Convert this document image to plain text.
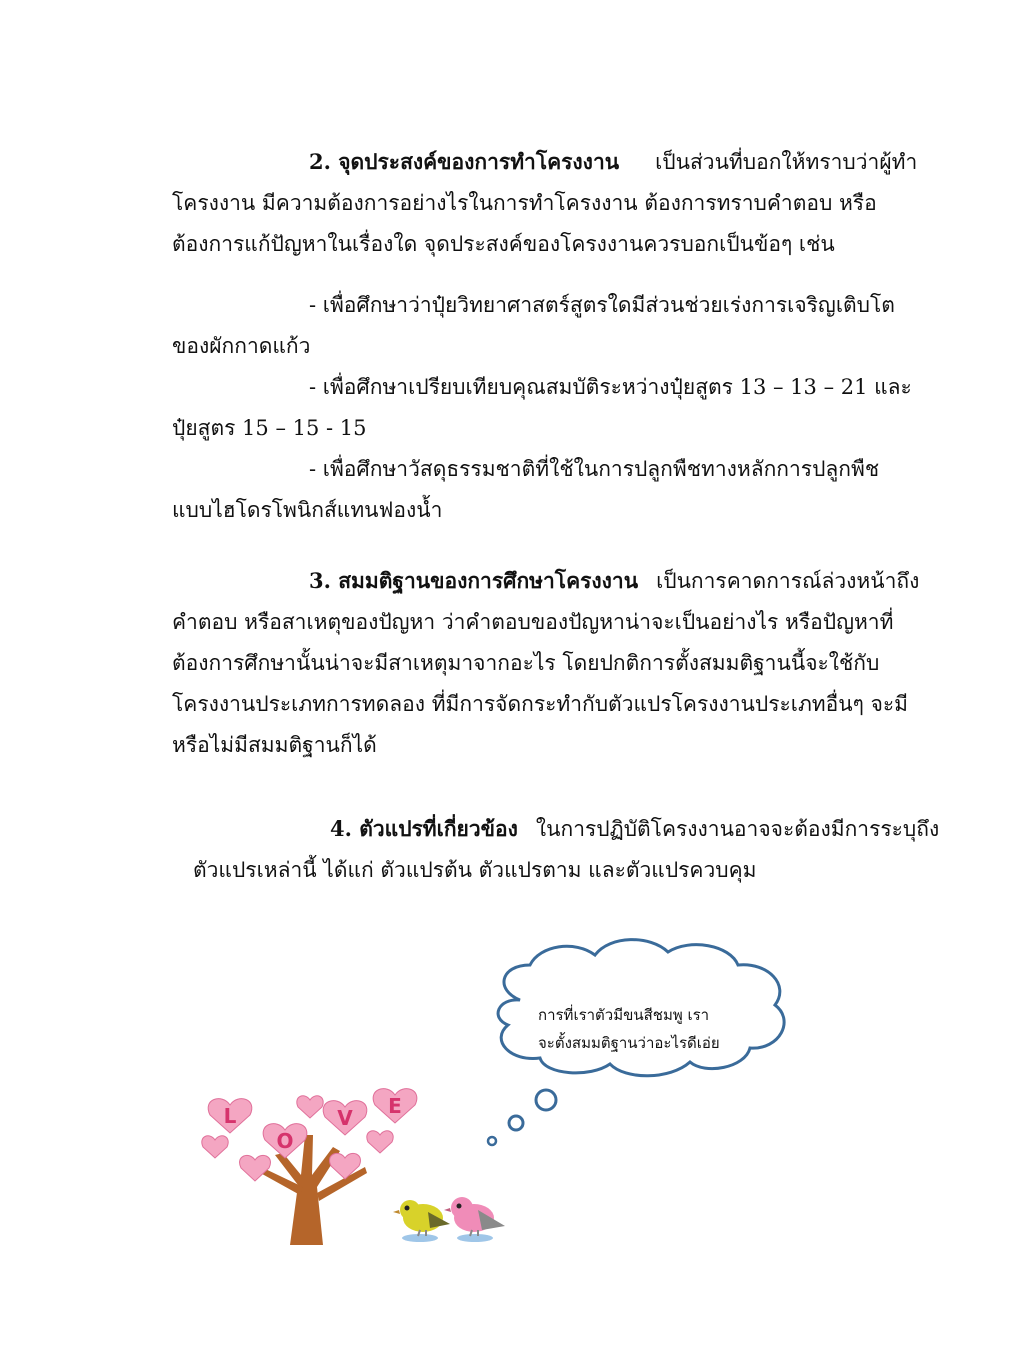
2. จุดประสงค์ของการทำโครงงาน เป็นส่วนที่บอกให้ทราบว่าผู้ทำ
โครงงาน มีความต้องการอย่างไรในการทำโครงงาน ต้องการทราบคำตอบ หรือ
ต้องการแก้ปัญหาในเรื่องใด จุดประสงค์ของโครงงานควรบอกเป็นข้อๆ เช่น
- เพื่อศึกษาว่าปุ๋ยวิทยาศาสตร์สูตรใดมีส่วนช่วยเร่งการเจริญเติบโต
ของผักกาดแก้ว
- เพื่อศึกษาเปรียบเทียบคุณสมบัติระหว่างปุ๋ยสูตร 13 – 13 – 21 และ
ปุ๋ยสูตร 15 – 15 - 15
- เพื่อศึกษาวัสดุธรรมชาติที่ใช้ในการปลูกพืชทางหลักการปลูกพืช
แบบไฮโดรโพนิกส์แทนฟองน้ำ
3. สมมติฐานของการศึกษาโครงงาน เป็นการคาดการณ์ล่วงหน้าถึง
คำตอบ หรือสาเหตุของปัญหา ว่าคำตอบของปัญหาน่าจะเป็นอย่างไร หรือปัญหาที่
ต้องการศึกษานั้นน่าจะมีสาเหตุมาจากอะไร โดยปกติการตั้งสมมติฐานนี้จะใช้กับ
โครงงานประเภทการทดลอง ที่มีการจัดกระทำกับตัวแปรโครงงานประเภทอื่นๆ จะมี
หรือไม่มีสมมติฐานก็ได้
4. ตัวแปรที่เกี่ยวข้อง ในการปฏิบัติโครงงานอาจจะต้องมีการระบุถึง
ตัวแปรเหล่านี้ ได้แก่ ตัวแปรต้น ตัวแปรตาม และตัวแปรควบคุม
การที่เราตัวมีขนสีชมพู เรา
จะตั้งสมมติฐานว่าอะไรดีเอ่ย
L
O
V E
